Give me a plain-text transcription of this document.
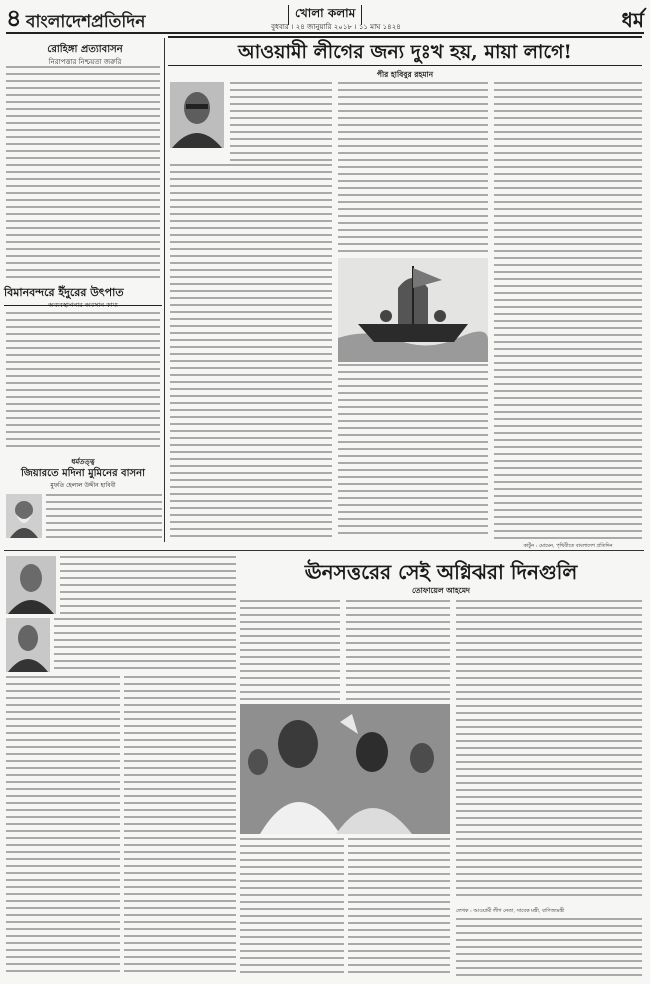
৪ বাংলাদেশপ্রতিদিন	খোলা কলাম
বুধবার । ২৪ জানুয়ারি ২০১৮ । ১১ মাঘ ১৪২৪	ধর্ম
রোহিঙ্গা প্রত্যাবাসন
নিরাপত্তার নিশ্চয়তা জরুরি
বিমানবন্দরে ইঁদুরের উৎপাত
অব্যবস্থাপনার অবসান কাম্য
ধর্মতত্ত্ব
জিয়ারতে মদিনা মুমিনের বাসনা
মুফতি হেলাল উদ্দীন হাবিবী
আওয়ামী লীগের জন্য দুঃখ হয়, মায়া লাগে!
পীর হাবিবুর রহমান
কার্টুন : মোমেন, পৃথিবীতে বাংলাদেশ প্রতিদিন
ঊনসত্তরের সেই অগ্নিঝরা দিনগুলি
তোফায়েল আহমেদ
লেখক : আওয়ামী লীগ নেতা, সাবেক মন্ত্রী, বাণিজ্যমন্ত্রী
